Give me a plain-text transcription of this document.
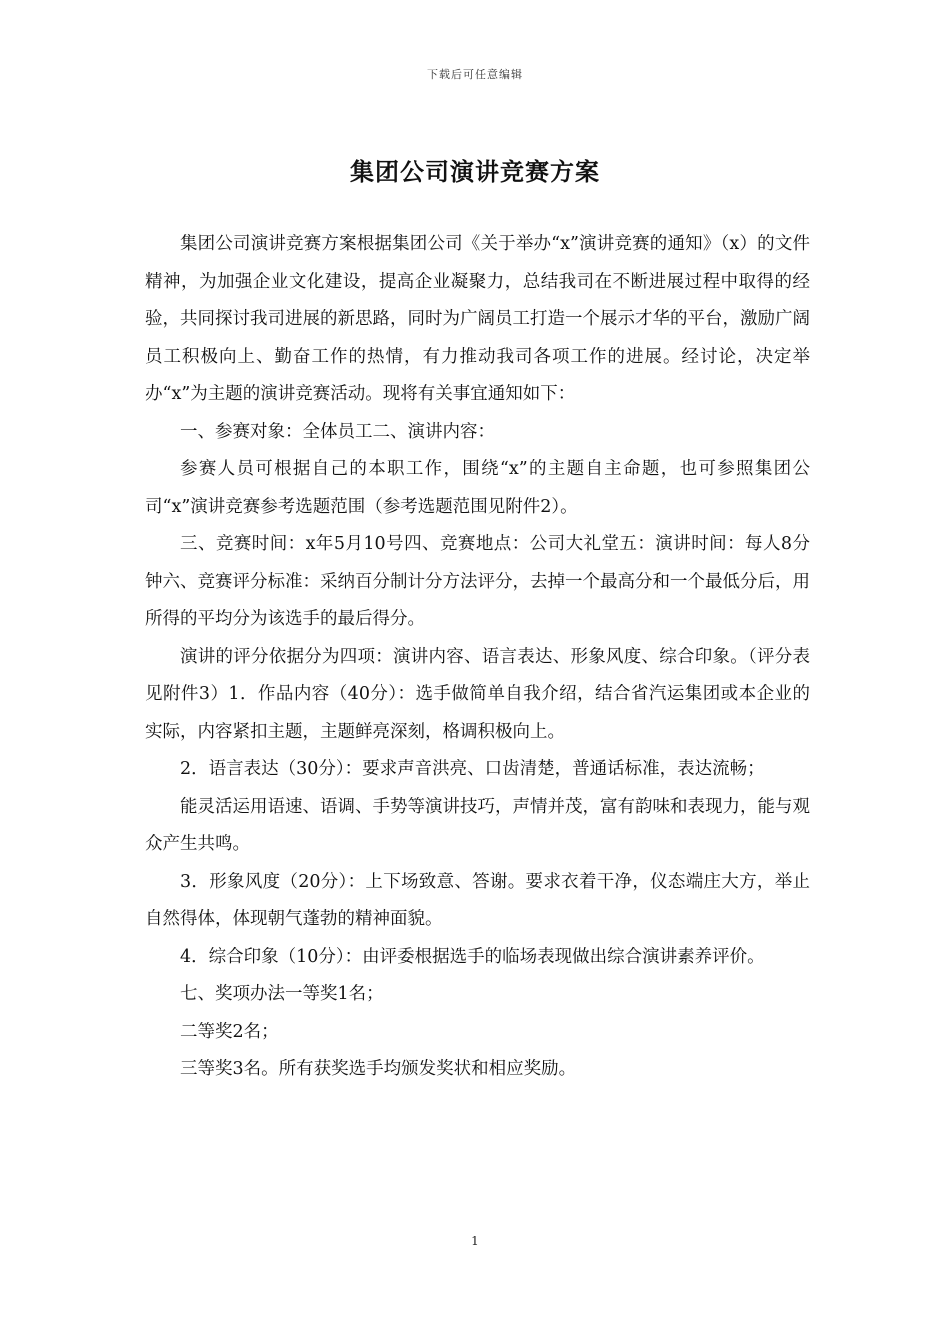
下载后可任意编辑
集团公司演讲竞赛方案

集团公司演讲竞赛方案根据集团公司《关于举办“x”演讲竞赛的通知》（x）的文件精神，为加强企业文化建设，提高企业凝聚力，总结我司在不断进展过程中取得的经验，共同探讨我司进展的新思路，同时为广阔员工打造一个展示才华的平台，激励广阔员工积极向上、勤奋工作的热情，有力推动我司各项工作的进展。经讨论，决定举办“x”为主题的演讲竞赛活动。现将有关事宜通知如下：

一、参赛对象：全体员工二、演讲内容：

参赛人员可根据自己的本职工作，围绕“x”的主题自主命题，也可参照集团公司“x”演讲竞赛参考选题范围（参考选题范围见附件2）。

三、竞赛时间：x年5月10号四、竞赛地点：公司大礼堂五：演讲时间：每人8分钟六、竞赛评分标准：采纳百分制计分方法评分，去掉一个最高分和一个最低分后，用所得的平均分为该选手的最后得分。

演讲的评分依据分为四项：演讲内容、语言表达、形象风度、综合印象。（评分表见附件3）1．作品内容（40分）：选手做简单自我介绍，结合省汽运集团或本企业的实际，内容紧扣主题，主题鲜亮深刻，格调积极向上。

2．语言表达（30分）：要求声音洪亮、口齿清楚，普通话标准，表达流畅；

能灵活运用语速、语调、手势等演讲技巧，声情并茂，富有韵味和表现力，能与观众产生共鸣。

3．形象风度（20分）：上下场致意、答谢。要求衣着干净，仪态端庄大方，举止自然得体，体现朝气蓬勃的精神面貌。

4．综合印象（10分）：由评委根据选手的临场表现做出综合演讲素养评价。

七、奖项办法一等奖1名；

二等奖2名；

三等奖3名。所有获奖选手均颁发奖状和相应奖励。

1
